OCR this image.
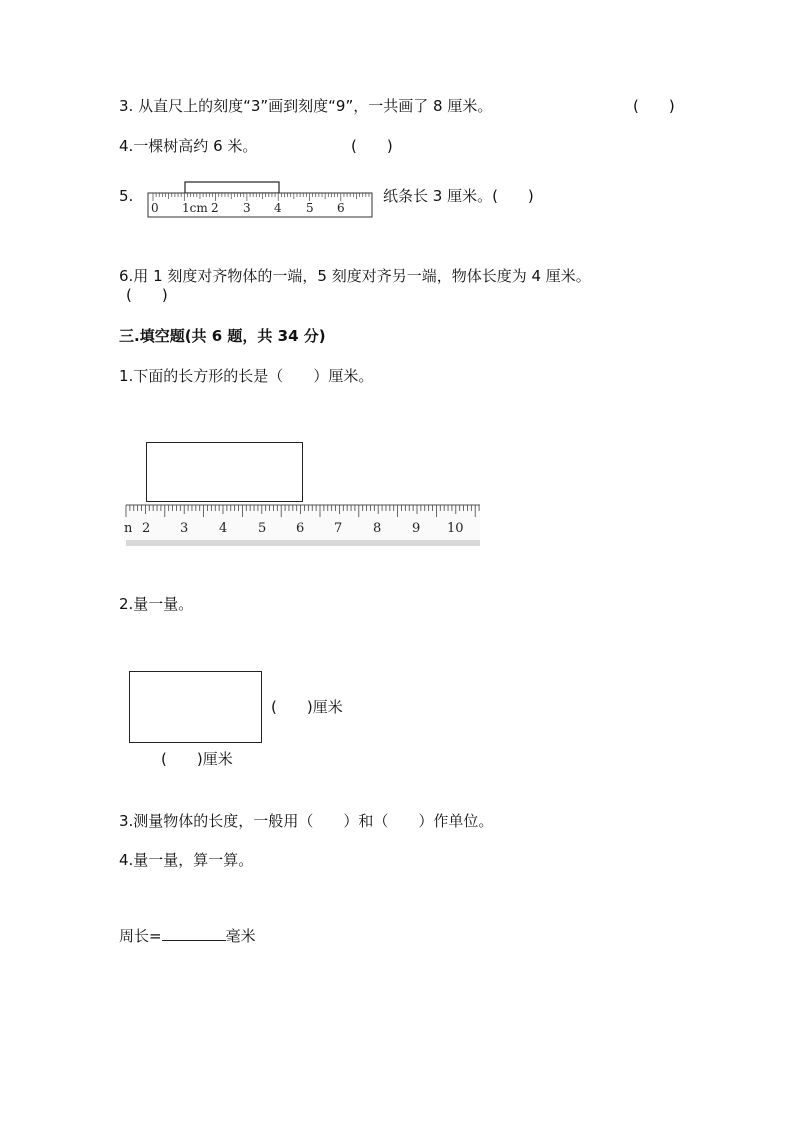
3. 从直尺上的刻度“3”画到刻度“9”，一共画了 8 厘米。	(　　)
4.一棵树高约 6 米。	(　　)
5.
0 1cm 2 3 4 5 6
纸条长 3 厘米。(　　)
6.用 1 刻度对齐物体的一端，5 刻度对齐另一端，物体长度为 4 厘米。
(　　)
三.填空题(共 6 题，共 34 分)
1.下面的长方形的长是（　　）厘米。
n 2 3 4 5 6 7 8 9 10
2.量一量。
(　　)厘米
(　　)厘米
3.测量物体的长度，一般用（　　）和（　　）作单位。
4.量一量，算一算。
周长=	毫米
